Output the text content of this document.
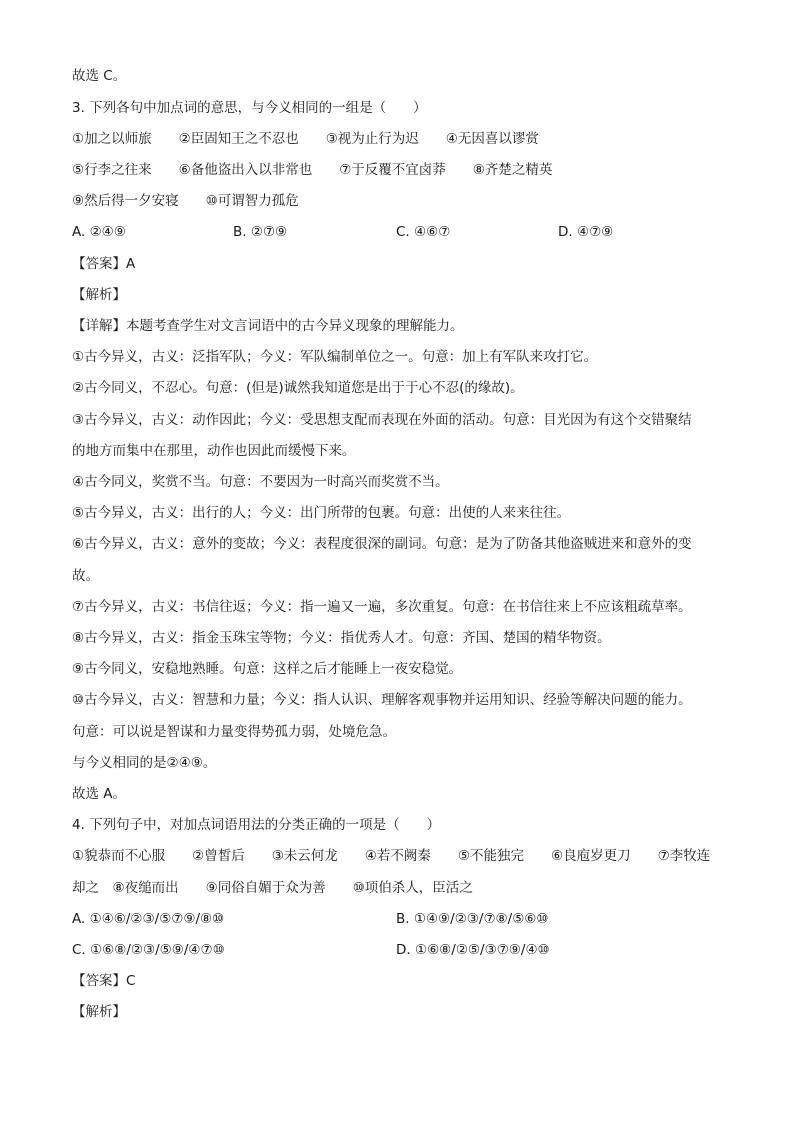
故选 C。
3. 下列各句中加点词的意思，与今义相同的一组是（　　）
①加之以师旅　　②臣固知王之不忍也　　③视为止行为迟　　④无因喜以谬赏
⑤行李之往来　　⑥备他盗出入以非常也　　⑦于反覆不宜卤莽　　⑧齐楚之精英
⑨然后得一夕安寝　　⑩可谓智力孤危
A. ②④⑨	B. ②⑦⑨	C. ④⑥⑦	D. ④⑦⑨
【答案】A
【解析】
【详解】本题考查学生对文言词语中的古今异义现象的理解能力。
①古今异义，古义：泛指军队；今义：军队编制单位之一。句意：加上有军队来攻打它。
②古今同义，不忍心。句意：(但是)诚然我知道您是出于于心不忍(的缘故)。
③古今异义，古义：动作因此；今义：受思想支配而表现在外面的活动。句意：目光因为有这个交错聚结
的地方而集中在那里，动作也因此而缓慢下来。
④古今同义，奖赏不当。句意：不要因为一时高兴而奖赏不当。
⑤古今异义，古义：出行的人；今义：出门所带的包裹。句意：出使的人来来往往。
⑥古今异义，古义：意外的变故；今义：表程度很深的副词。句意：是为了防备其他盗贼进来和意外的变
故。
⑦古今异义，古义：书信往返；今义：指一遍又一遍，多次重复。句意：在书信往来上不应该粗疏草率。
⑧古今异义，古义：指金玉珠宝等物；今义：指优秀人才。句意：齐国、楚国的精华物资。
⑨古今同义，安稳地熟睡。句意：这样之后才能睡上一夜安稳觉。
⑩古今异义，古义：智慧和力量；今义：指人认识、理解客观事物并运用知识、经验等解决问题的能力。
句意：可以说是智谋和力量变得势孤力弱，处境危急。
与今义相同的是②④⑨。
故选 A。
4. 下列句子中，对加点词语用法的分类正确的一项是（　　）
①貌恭而不心服　　②曾皙后　　③未云何龙　　④若不阙秦　　⑤不能独完　　⑥良庖岁更刀　　⑦李牧连
却之　⑧夜缒而出　　⑨同俗自媚于众为善　　⑩项伯杀人，臣活之
A. ①④⑥/②③/⑤⑦⑨/⑧⑩	B. ①④⑨/②③/⑦⑧/⑤⑥⑩
C. ①⑥⑧/②③/⑤⑨/④⑦⑩	D. ①⑥⑧/②⑤/③⑦⑨/④⑩
【答案】C
【解析】
